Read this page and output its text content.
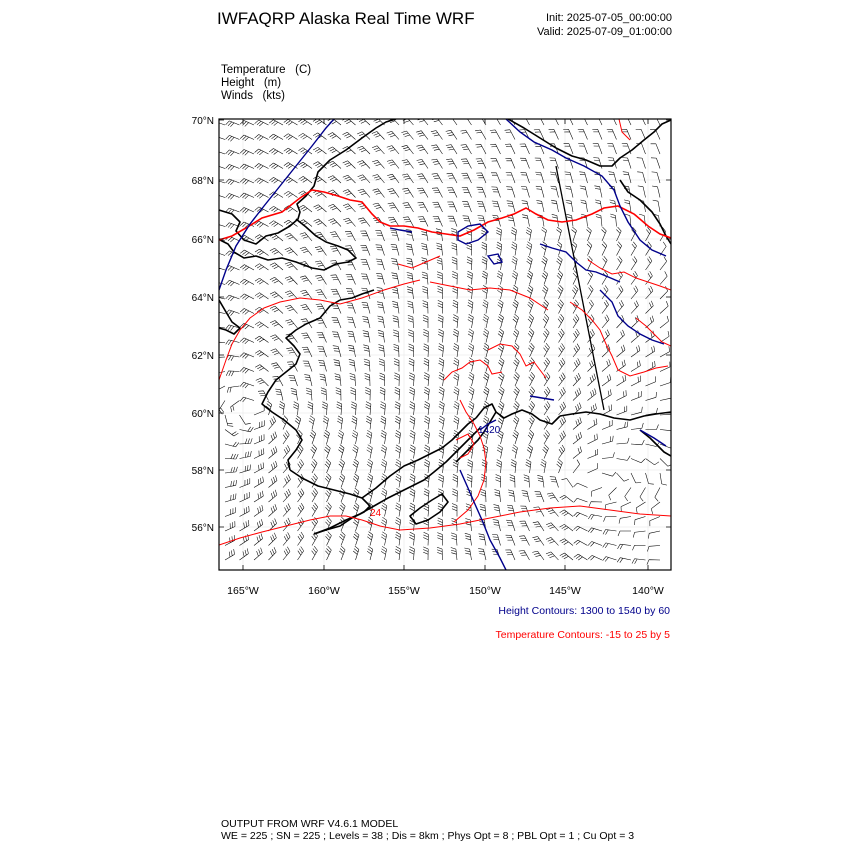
IWFAQRP Alaska Real Time WRF	Init: 2025-07-05_00:00:00
Valid: 2025-07-09_01:00:00
Temperature (C)
Height (m)
Winds (kts)
1420
24
70°N
68°N
66°N
64°N
62°N
60°N
58°N
56°N
165°W	160°W	155°W	150°W	145°W	140°W
Height Contours: 1300 to 1540 by 60
Temperature Contours: -15 to 25 by 5
OUTPUT FROM WRF V4.6.1 MODEL
WE = 225 ; SN = 225 ; Levels = 38 ; Dis = 8km ; Phys Opt = 8 ; PBL Opt = 1 ; Cu Opt = 3
